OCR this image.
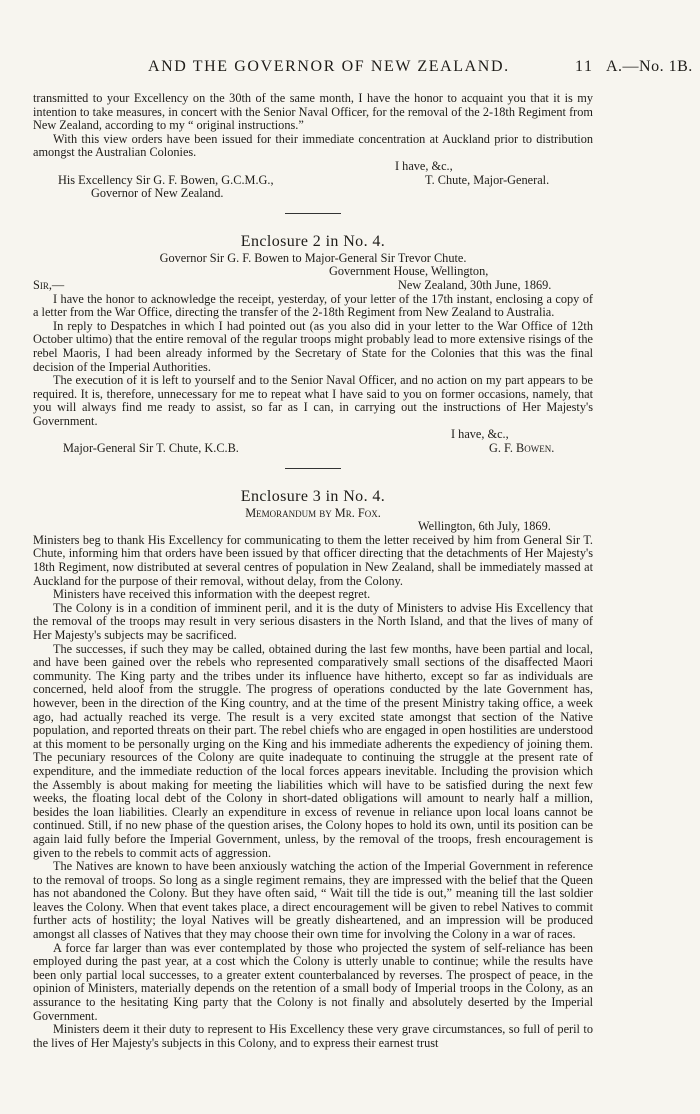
AND THE GOVERNOR OF NEW ZEALAND.	11 A.—No. 1B.

transmitted to your Excellency on the 30th of the same month, I have the honor to acquaint you that it is my intention to take measures, in concert with the Senior Naval Officer, for the removal of the 2-18th Regiment from New Zealand, according to my “ original instructions.”

With this view orders have been issued for their immediate concentration at Auckland prior to distribution amongst the Australian Colonies.

I have, &c.,
His Excellency Sir G. F. Bowen, G.C.M.G.,	T. Chute, Major-General.
Governor of New Zealand.
Enclosure 2 in No. 4.

Governor Sir G. F. Bowen to Major-General Sir Trevor Chute.

Government House, Wellington,
Sir,—	New Zealand, 30th June, 1869.

I have the honor to acknowledge the receipt, yesterday, of your letter of the 17th instant, enclosing a copy of a letter from the War Office, directing the transfer of the 2-18th Regiment from New Zealand to Australia.

In reply to Despatches in which I had pointed out (as you also did in your letter to the War Office of 12th October ultimo) that the entire removal of the regular troops might probably lead to more extensive risings of the rebel Maoris, I had been already informed by the Secretary of State for the Colonies that this was the final decision of the Imperial Authorities.

The execution of it is left to yourself and to the Senior Naval Officer, and no action on my part appears to be required. It is, therefore, unnecessary for me to repeat what I have said to you on former occasions, namely, that you will always find me ready to assist, so far as I can, in carrying out the instructions of Her Majesty's Government.

I have, &c.,
Major-General Sir T. Chute, K.C.B.	G. F. Bowen.
Enclosure 3 in No. 4.

Memorandum by Mr. Fox.

Wellington, 6th July, 1869.

Ministers beg to thank His Excellency for communicating to them the letter received by him from General Sir T. Chute, informing him that orders have been issued by that officer directing that the detachments of Her Majesty's 18th Regiment, now distributed at several centres of population in New Zealand, shall be immediately massed at Auckland for the purpose of their removal, without delay, from the Colony.

Ministers have received this information with the deepest regret.

The Colony is in a condition of imminent peril, and it is the duty of Ministers to advise His Excellency that the removal of the troops may result in very serious disasters in the North Island, and that the lives of many of Her Majesty's subjects may be sacrificed.

The successes, if such they may be called, obtained during the last few months, have been partial and local, and have been gained over the rebels who represented comparatively small sections of the disaffected Maori community. The King party and the tribes under its influence have hitherto, except so far as individuals are concerned, held aloof from the struggle. The progress of operations conducted by the late Government has, however, been in the direction of the King country, and at the time of the present Ministry taking office, a week ago, had actually reached its verge. The result is a very excited state amongst that section of the Native population, and reported threats on their part. The rebel chiefs who are engaged in open hostilities are understood at this moment to be personally urging on the King and his immediate adherents the expediency of joining them. The pecuniary resources of the Colony are quite inadequate to continuing the struggle at the present rate of expenditure, and the immediate reduction of the local forces appears inevitable. Including the provision which the Assembly is about making for meeting the liabilities which will have to be satisfied during the next few weeks, the floating local debt of the Colony in short-dated obligations will amount to nearly half a million, besides the loan liabilities. Clearly an expenditure in excess of revenue in reliance upon local loans cannot be continued. Still, if no new phase of the question arises, the Colony hopes to hold its own, until its position can be again laid fully before the Imperial Government, unless, by the removal of the troops, fresh encouragement is given to the rebels to commit acts of aggression.

The Natives are known to have been anxiously watching the action of the Imperial Government in reference to the removal of troops. So long as a single regiment remains, they are impressed with the belief that the Queen has not abandoned the Colony. But they have often said, “ Wait till the tide is out,” meaning till the last soldier leaves the Colony. When that event takes place, a direct encouragement will be given to rebel Natives to commit further acts of hostility; the loyal Natives will be greatly disheartened, and an impression will be produced amongst all classes of Natives that they may choose their own time for involving the Colony in a war of races.

A force far larger than was ever contemplated by those who projected the system of self-reliance has been employed during the past year, at a cost which the Colony is utterly unable to continue; while the results have been only partial local successes, to a greater extent counterbalanced by reverses. The prospect of peace, in the opinion of Ministers, materially depends on the retention of a small body of Imperial troops in the Colony, as an assurance to the hesitating King party that the Colony is not finally and absolutely deserted by the Imperial Government.

Ministers deem it their duty to represent to His Excellency these very grave circumstances, so full of peril to the lives of Her Majesty's subjects in this Colony, and to express their earnest trust
